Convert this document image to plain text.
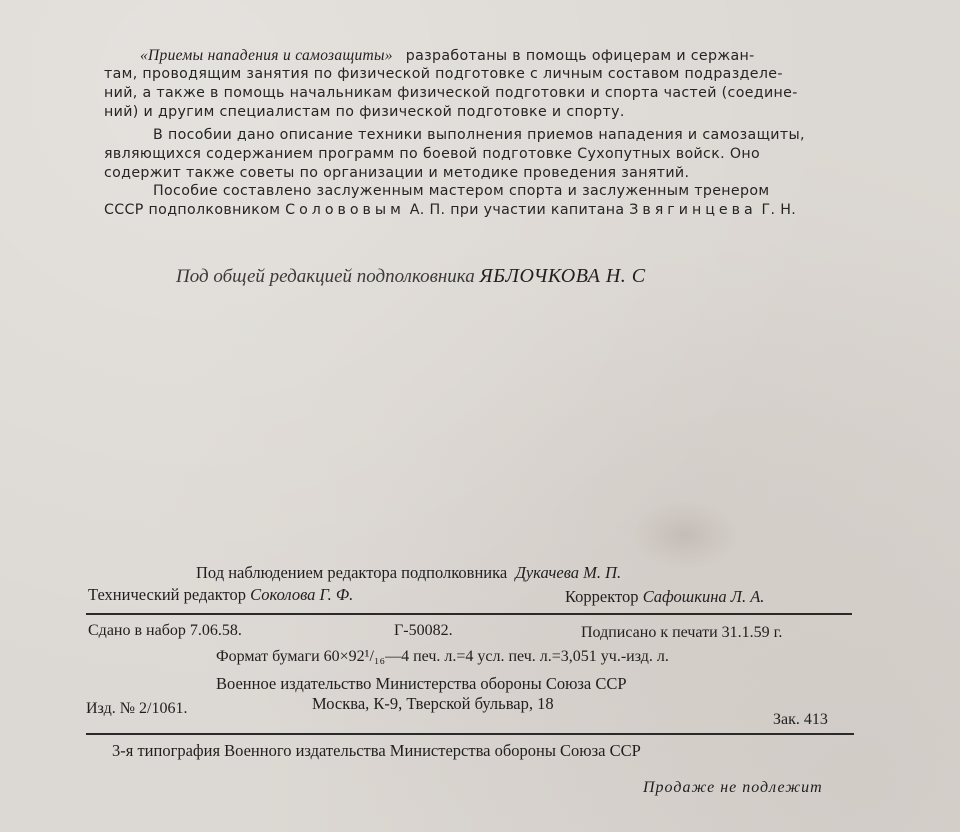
«Приемы нападения и самозащиты» разработаны в помощь офицерам и сержан-
там, проводящим занятия по физической подготовке с личным составом подразделе-
ний, а также в помощь начальникам физической подготовки и спорта частей (соедине-
ний) и другим специалистам по физической подготовке и спорту.
В пособии дано описание техники выполнения приемов нападения и самозащиты,
являющихся содержанием программ по боевой подготовке Сухопутных войск. Оно
содержит также советы по организации и методике проведения занятий.
Пособие составлено заслуженным мастером спорта и заслуженным тренером
СССР подполковником Солововым А. П. при участии капитана Звягинцева Г. Н.
Под общей редакцией подполковника ЯБЛОЧКОВА Н. С
Под наблюдением редактора подполковника Дукачева М. П.
Технический редактор Соколова Г. Ф.	Корректор Сафошкина Л. А.
Сдано в набор 7.06.58.	Г-50082.	Подписано к печати 31.1.59 г.
Формат бумаги 60×92¹/₁₆—4 печ. л.=4 усл. печ. л.=3,051 уч.-изд. л.
Военное издательство Министерства обороны Союза ССР
Москва, К-9, Тверской бульвар, 18
Изд. № 2/1061.
Зак. 413
3-я типография Военного издательства Министерства обороны Союза ССР
Продаже не подлежит
